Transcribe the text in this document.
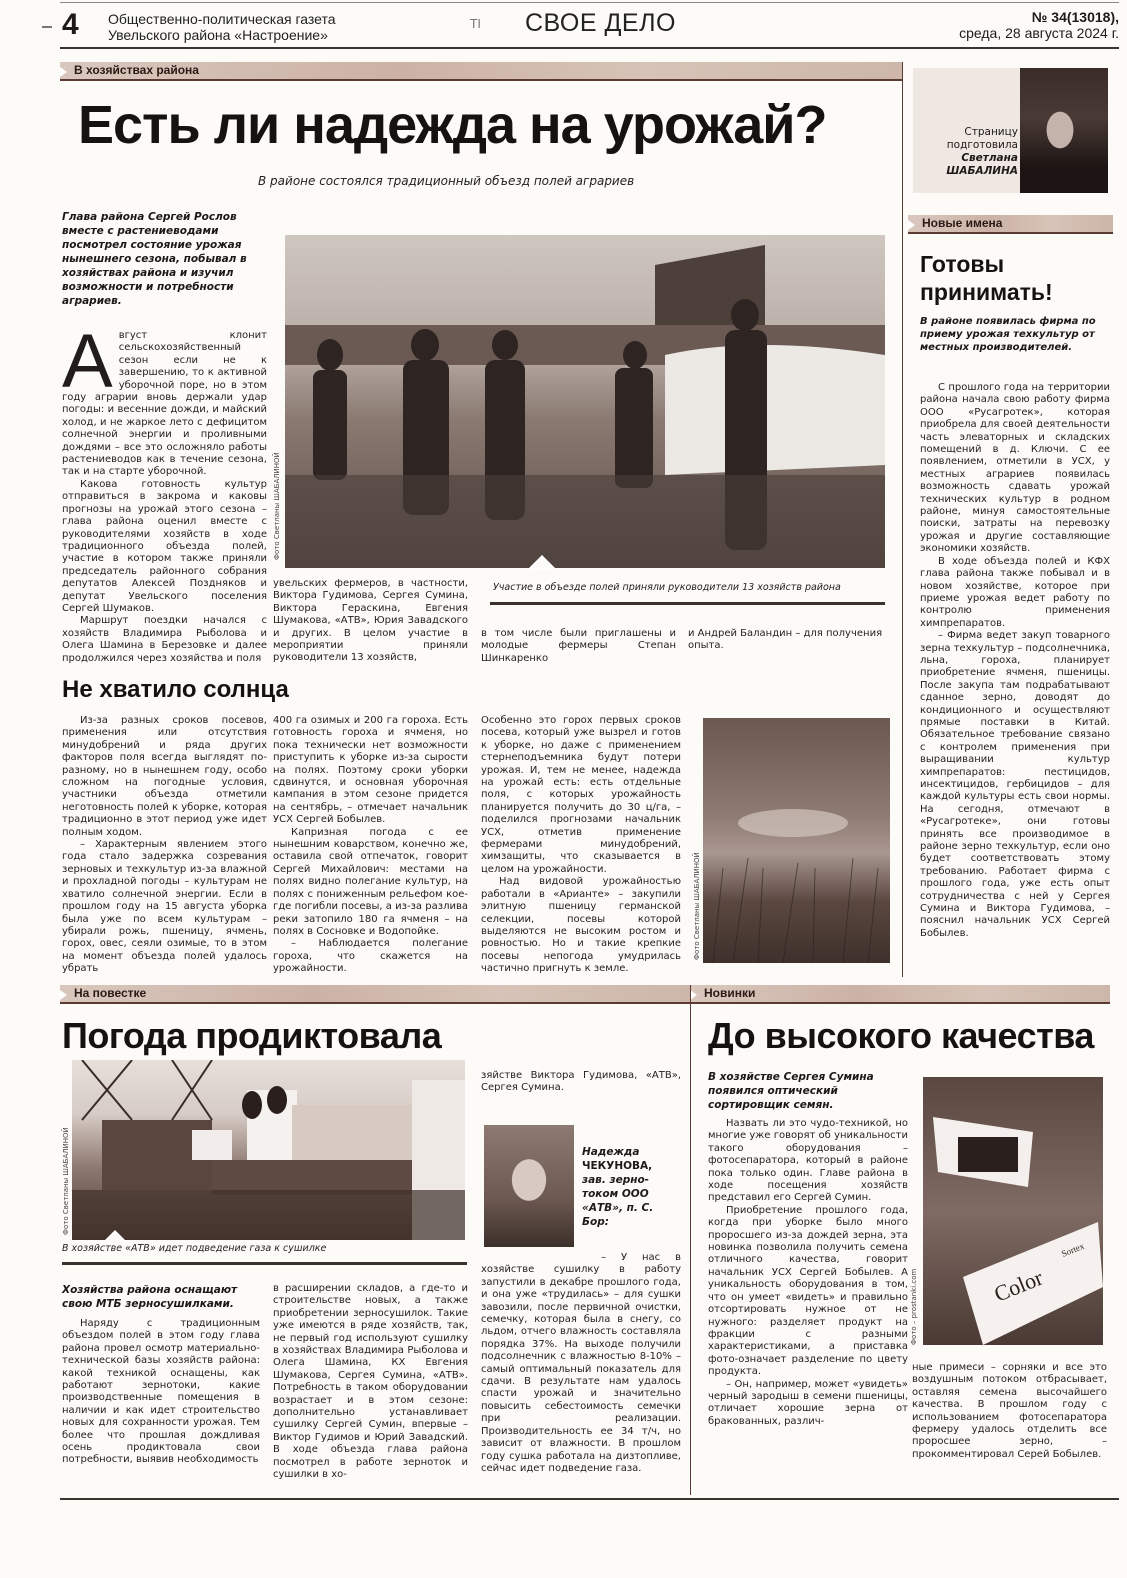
4 Общественно-политическая газета
Увельского района «Настроение»
ТI СВОЕ ДЕЛО	№ 34(13018),
среда, 28 августа 2024 г.
В хозяйствах района
Есть ли надежда на урожай?
В районе состоялся традиционный объезд полей аграриев
Глава района Сергей Рослов вместе с растениеводами посмотрел состояние урожая нынешнего сезона, побывал в хозяйствах района и изучил возможности и потребности аграриев.
А вгуст клонит сельскохозяйственный сезон если не к завершению, то к активной уборочной поре, но в этом году аграрии вновь держали удар погоды: и весенние дожди, и майский холод, и не жаркое лето с дефицитом солнечной энергии и проливными дождями – все это осложняло работы растениеводов как в течение сезона, так и на старте уборочной.

Какова готовность культур отправиться в закрома и каковы прогнозы на урожай этого сезона – глава района оценил вместе с руководителями хозяйств в ходе традиционного объезда полей, участие в котором также приняли председатель районного собрания депутатов Алексей Поздняков и депутат Увельского поселения Сергей Шумаков.

Маршрут поездки начался с хозяйств Владимира Рыболова и Олега Шамина в Березовке и далее продолжился через хозяйства и поля

Фото Светланы ШАБАЛИНОЙ
Участие в объезде полей приняли руководители 13 хозяйств района
увельских фермеров, в частности, Виктора Гудимова, Сергея Сумина, Виктора Гераскина, Евгения Шумакова, «АТВ», Юрия Завадского и других. В целом участие в мероприятии приняли руководители 13 хозяйств,
в том числе были приглашены и молодые фермеры Степан Шинкаренко
и Андрей Баландин – для получения опыта.
Не хватило солнца

Из-за разных сроков посевов, применения или отсутствия минудобрений и ряда других факторов поля всегда выглядят по-разному, но в нынешнем году, особо сложном на погодные условия, участники объезда отметили неготовность полей к уборке, которая традиционно в этот период уже идет полным ходом.

– Характерным явлением этого года стало задержка созревания зерновых и техкультур из-за влажной и прохладной погоды – культурам не хватило солнечной энергии. Если в прошлом году на 15 августа уборка была уже по всем культурам – убирали рожь, пшеницу, ячмень, горох, овес, сеяли озимые, то в этом на момент объезда полей удалось убрать

400 га озимых и 200 га гороха. Есть готовность гороха и ячменя, но пока технически нет возможности приступить к уборке из-за сырости на полях. Поэтому сроки уборки сдвинутся, и основная уборочная кампания в этом сезоне придется на сентябрь, – отмечает начальник УСХ Сергей Бобылев.

Капризная погода с ее нынешним коварством, конечно же, оставила свой отпечаток, говорит Сергей Михайлович: местами на полях видно полегание культур, на полях с пониженным рельефом кое-где погибли посевы, а из-за разлива реки затопило 180 га ячменя – на полях в Сосновке и Водопойке.

– Наблюдается полегание гороха, что скажется на урожайности.

Особенно это горох первых сроков посева, который уже вызрел и готов к уборке, но даже с применением стернеподъемника будут потери урожая. И, тем не менее, надежда на урожай есть: есть отдельные поля, с которых урожайность планируется получить до 30 ц/га, – поделился прогнозами начальник УСХ, отметив применение фермерами минудобрений, химзащиты, что сказывается в целом на урожайности.

Над видовой урожайностью работали в «Арианте» – закупили элитную пшеницу германской селекции, посевы которой выделяются не высоким ростом и ровностью. Но и такие крепкие посевы непогода умудрилась частично пригнуть к земле.

Фото Светланы ШАБАЛИНОЙ
Страницу
подготовила
Светлана
ШАБАЛИНА
Новые имена
Готовы
принимать!
В районе появилась фирма по приему урожая техкультур от местных производителей.

С прошлого года на территории района начала свою работу фирма ООО «Русагротек», которая приобрела для своей деятельности часть элеваторных и складских помещений в д. Ключи. С ее появлением, отметили в УСХ, у местных аграриев появилась возможность сдавать урожай технических культур в родном районе, минуя самостоятельные поиски, затраты на перевозку урожая и другие составляющие экономики хозяйств.

В ходе объезда полей и КФХ глава района также побывал и в новом хозяйстве, которое при приеме урожая ведет работу по контролю применения химпрепаратов.

– Фирма ведет закуп товарного зерна техкультур – подсолнечника, льна, гороха, планирует приобретение ячменя, пшеницы. После закупа там подрабатывают сданное зерно, доводят до кондиционного и осуществляют прямые поставки в Китай. Обязательное требование связано с контролем применения при выращивании культур химпрепаратов: пестицидов, инсектицидов, гербицидов – для каждой культуры есть свои нормы. На сегодня, отмечают в «Русагротеке», они готовы принять все производимое в районе зерно техкультур, если оно будет соответствовать этому требованию. Работает фирма с прошлого года, уже есть опыт сотрудничества с ней у Сергея Сумина и Виктора Гудимова, – пояснил начальник УСХ Сергей Бобылев.

На повестке	Новинки
Погода продиктовала
Фото Светланы ШАБАЛИНОЙ
В хозяйстве «АТВ» идет подведение газа к сушилке
Хозяйства района оснащают свою МТБ зерносушилками.

Наряду с традиционным объездом полей в этом году глава района провел осмотр материально-технической базы хозяйств района: какой техникой оснащены, как работают зернотоки, какие производственные помещения в наличии и как идет строительство новых для сохранности урожая. Тем более что прошлая дождливая осень продиктовала свои потребности, выявив необходимость

в расширении складов, а где-то и строительстве новых, а также приобретении зерносушилок. Такие уже имеются в ряде хозяйств, так, не первый год используют сушилку в хозяйствах Владимира Рыболова и Олега Шамина, КХ Евгения Шумакова, Сергея Сумина, «АТВ». Потребность в таком оборудовании возрастает и в этом сезоне: дополнительно устанавливает сушилку Сергей Сумин, впервые – Виктор Гудимов и Юрий Завадский. В ходе объезда глава района посмотрел в работе зерноток и сушилки в хо-
зяйстве Виктора Гудимова, «АТВ», Сергея Сумина.
Надежда
ЧЕКУНОВА,
зав. зерно-током ООО «АТВ», п. С. Бор:

– У нас в хозяйстве сушилку в работу запустили в декабре прошлого года, и она уже «трудилась» – для сушки завозили, после первичной очистки, семечку, которая была в снегу, со льдом, отчего влажность составляла порядка 37%. На выходе получили подсолнечник с влажностью 8-10% – самый оптимальный показатель для сдачи. В результате нам удалось спасти урожай и значительно повысить себестоимость семечки при реализации. Производительность ее 34 т/ч, но зависит от влажности. В прошлом году сушка работала на дизтопливе, сейчас идет подведение газа.

До высокого качества
В хозяйстве Сергея Сумина появился оптический сортировщик семян.

Назвать ли это чудо-техникой, но многие уже говорят об уникальности такого оборудования – фотосепаратора, который в районе пока только один. Главе района в ходе посещения хозяйств представил его Сергей Сумин.

Приобретение прошлого года, когда при уборке было много проросшего из-за дождей зерна, эта новинка позволила получить семена отличного качества, говорит начальник УСХ Сергей Бобылев. А уникальность оборудования в том, что он умеет «видеть» и правильно отсортировать нужное от не нужного: разделяет продукт на фракции с разными характеристиками, а приставка фото-означает разделение по цвету продукта.

– Он, например, может «увидеть» черный зародыш в семени пшеницы, отличает хорошие зерна от бракованных, различ-

Color
Sortex
Фото – prostanki.com
ные примеси – сорняки и все это воздушным потоком отбрасывает, оставляя семена высочайшего качества. В прошлом году с использованием фотосепаратора фермеру удалось отделить все проросшее зерно, – прокомментировал Серей Бобылев.
